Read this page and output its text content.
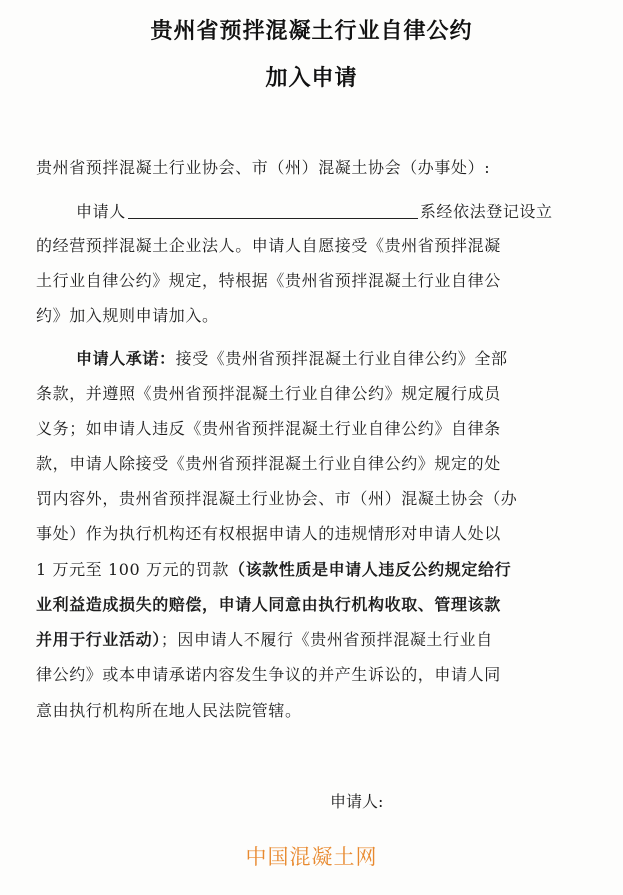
贵州省预拌混凝土行业自律公约
加入申请
贵州省预拌混凝土行业协会、市（州）混凝土协会（办事处）:
申请人	系经依法登记设立
的经营预拌混凝土企业法人。申请人自愿接受《贵州省预拌混凝
土行业自律公约》规定，特根据《贵州省预拌混凝土行业自律公
约》加入规则申请加入。
申请人承诺：接受《贵州省预拌混凝土行业自律公约》全部
条款，并遵照《贵州省预拌混凝土行业自律公约》规定履行成员
义务；如申请人违反《贵州省预拌混凝土行业自律公约》自律条
款，申请人除接受《贵州省预拌混凝土行业自律公约》规定的处
罚内容外，贵州省预拌混凝土行业协会、市（州）混凝土协会（办
事处）作为执行机构还有权根据申请人的违规情形对申请人处以
1 万元至 100 万元的罚款（该款性质是申请人违反公约规定给行
业利益造成损失的赔偿，申请人同意由执行机构收取、管理该款
并用于行业活动）；因申请人不履行《贵州省预拌混凝土行业自
律公约》或本申请承诺内容发生争议的并产生诉讼的，申请人同
意由执行机构所在地人民法院管辖。
申请人:
中国混凝土网
